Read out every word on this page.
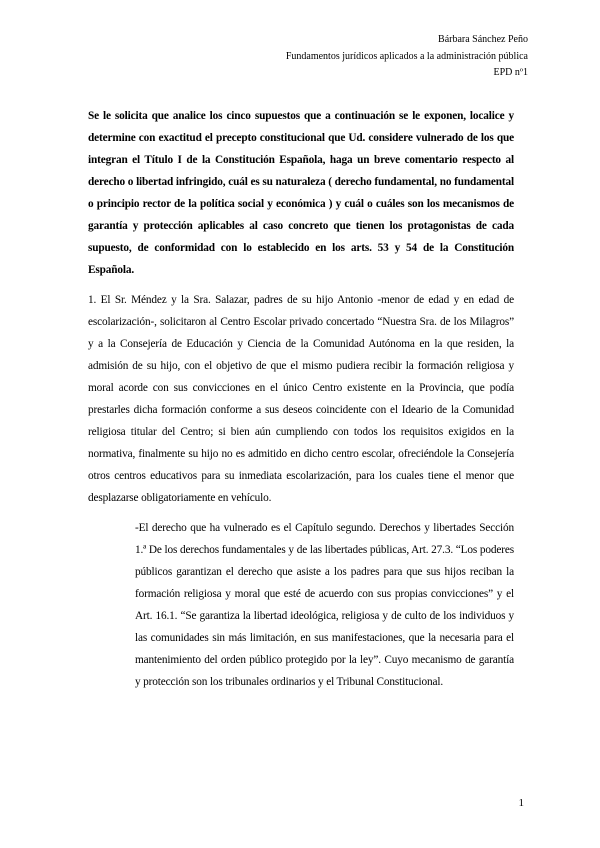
Bárbara Sánchez Peño
Fundamentos jurídicos aplicados a la administración pública
EPD nº1

Se le solicita que analice los cinco supuestos que a continuación se le exponen, localice y determine con exactitud el precepto constitucional que Ud. considere vulnerado de los que integran el Título I de la Constitución Española, haga un breve comentario respecto al derecho o libertad infringido, cuál es su naturaleza ( derecho fundamental, no fundamental o principio rector de la política social y económica ) y cuál o cuáles son los mecanismos de garantía y protección aplicables al caso concreto que tienen los protagonistas de cada supuesto, de conformidad con lo establecido en los arts. 53 y 54 de la Constitución Española.

1. El Sr. Méndez y la Sra. Salazar, padres de su hijo Antonio -menor de edad y en edad de escolarización-, solicitaron al Centro Escolar privado concertado “Nuestra Sra. de los Milagros” y a la Consejería de Educación y Ciencia de la Comunidad Autónoma en la que residen, la admisión de su hijo, con el objetivo de que el mismo pudiera recibir la formación religiosa y moral acorde con sus convicciones en el único Centro existente en la Provincia, que podía prestarles dicha formación conforme a sus deseos coincidente con el Ideario de la Comunidad religiosa titular del Centro; si bien aún cumpliendo con todos los requisitos exigidos en la normativa, finalmente su hijo no es admitido en dicho centro escolar, ofreciéndole la Consejería otros centros educativos para su inmediata escolarización, para los cuales tiene el menor que desplazarse obligatoriamente en vehículo.

-El derecho que ha vulnerado es el Capítulo segundo. Derechos y libertades Sección 1.ª De los derechos fundamentales y de las libertades públicas, Art. 27.3. “Los poderes públicos garantizan el derecho que asiste a los padres para que sus hijos reciban la formación religiosa y moral que esté de acuerdo con sus propias convicciones” y el Art. 16.1. “Se garantiza la libertad ideológica, religiosa y de culto de los individuos y las comunidades sin más limitación, en sus manifestaciones, que la necesaria para el mantenimiento del orden público protegido por la ley”. Cuyo mecanismo de garantía y protección son los tribunales ordinarios y el Tribunal Constitucional.

1
